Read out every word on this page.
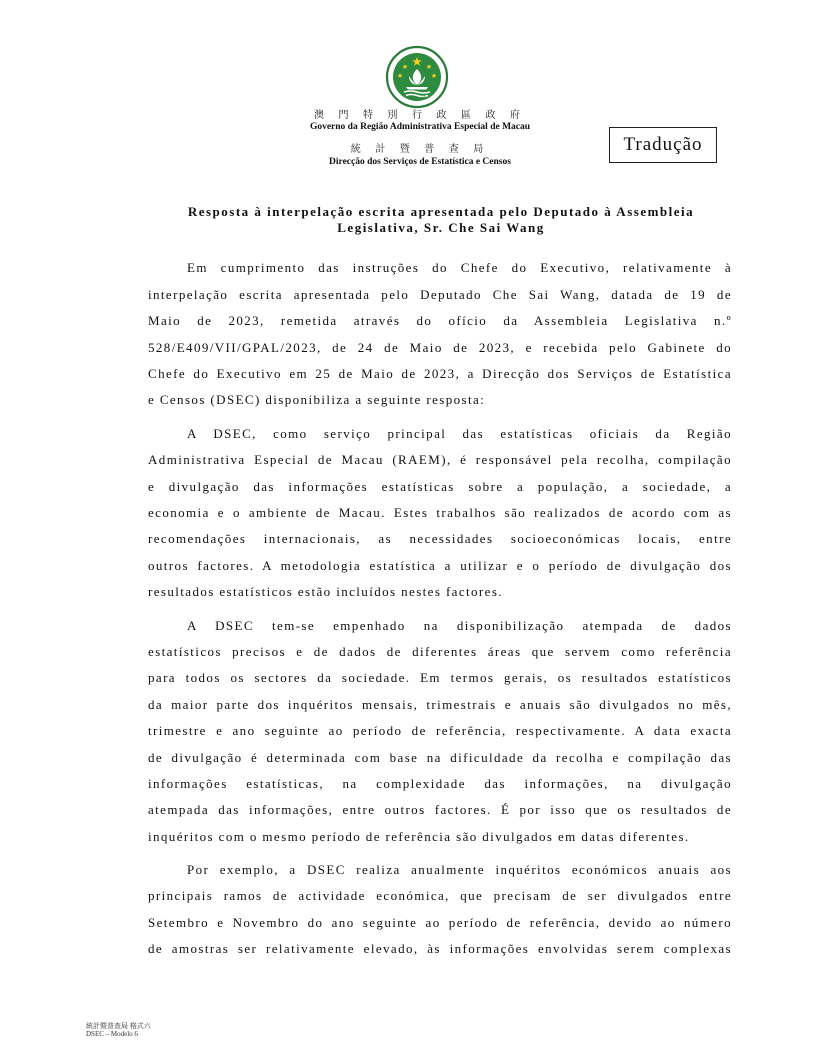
MACAU
澳 門 特 別 行 政 區 政 府
Governo da Região Administrativa Especial de Macau
統 計 暨 普 查 局
Direcção dos Serviços de Estatística e Censos
Tradução
Resposta à interpelação escrita apresentada pelo Deputado à Assembleia
Legislativa, Sr. Che Sai Wang
Em cumprimento das instruções do Chefe do Executivo, relativamente à
interpelação escrita apresentada pelo Deputado Che Sai Wang, datada de 19 de
Maio de 2023, remetida através do ofício da Assembleia Legislativa n.º
528/E409/VII/GPAL/2023, de 24 de Maio de 2023, e recebida pelo Gabinete do
Chefe do Executivo em 25 de Maio de 2023, a Direcção dos Serviços de Estatística
e Censos (DSEC) disponibiliza a seguinte resposta:
A DSEC, como serviço principal das estatísticas oficiais da Região
Administrativa Especial de Macau (RAEM), é responsável pela recolha, compilação
e divulgação das informações estatísticas sobre a população, a sociedade, a
economia e o ambiente de Macau. Estes trabalhos são realizados de acordo com as
recomendações internacionais, as necessidades socioeconómicas locais, entre
outros factores. A metodologia estatística a utilizar e o período de divulgação dos
resultados estatísticos estão incluídos nestes factores.
A DSEC tem-se empenhado na disponibilização atempada de dados
estatísticos precisos e de dados de diferentes áreas que servem como referência
para todos os sectores da sociedade. Em termos gerais, os resultados estatísticos
da maior parte dos inquéritos mensais, trimestrais e anuais são divulgados no mês,
trimestre e ano seguinte ao período de referência, respectivamente. A data exacta
de divulgação é determinada com base na dificuldade da recolha e compilação das
informações estatísticas, na complexidade das informações, na divulgação
atempada das informações, entre outros factores. É por isso que os resultados de
inquéritos com o mesmo período de referência são divulgados em datas diferentes.
Por exemplo, a DSEC realiza anualmente inquéritos económicos anuais aos
principais ramos de actividade económica, que precisam de ser divulgados entre
Setembro e Novembro do ano seguinte ao período de referência, devido ao número
de amostras ser relativamente elevado, às informações envolvidas serem complexas
統計暨普查局 格式六
DSEC – Modelo 6
